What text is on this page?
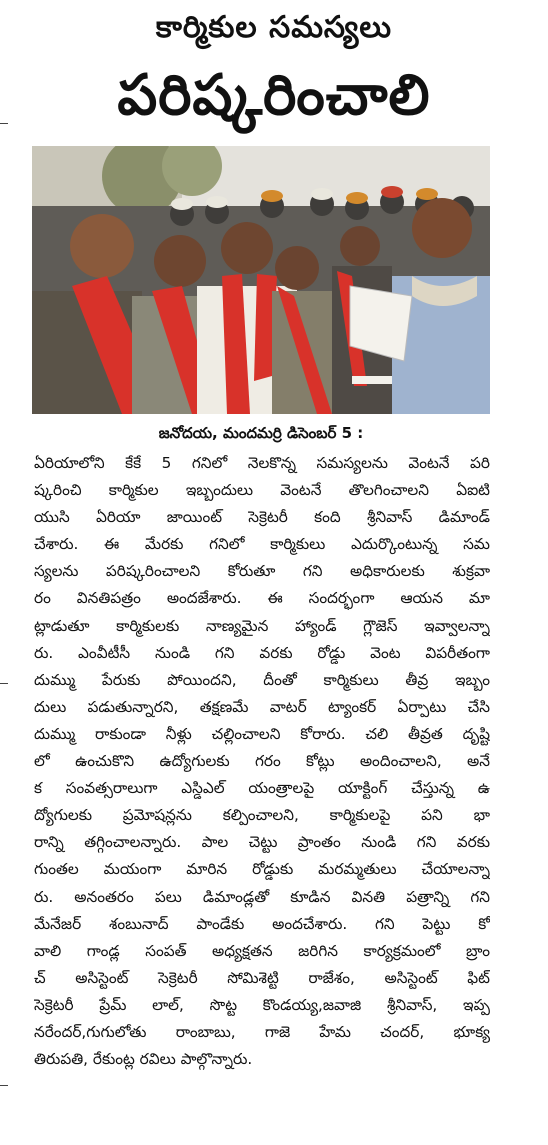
కార్మికుల సమస్యలు
పరిష్కరించాలి
జనోదయ, మందమర్రి డిసెంబర్ 5 :
ఏరియాలోని కేకే 5 గనిలో నెలకొన్న సమస్యలను వెంటనే పరి
ష్కరించి కార్మికుల ఇబ్బందులు వెంటనే తొలగించాలని ఏఐటి
యుసి ఏరియా జాయింట్ సెక్రెటరీ కంది శ్రీనివాస్ డిమాండ్
చేశారు. ఈ మేరకు గనిలో కార్మికులు ఎదుర్కొంటున్న సమ
స్యలను పరిష్కరించాలని కోరుతూ గని అధికారులకు శుక్రవా
రం వినతిపత్రం అందజేశారు. ఈ సందర్భంగా ఆయన మా
ట్లాడుతూ కార్మికులకు నాణ్యమైన హ్యాండ్ గ్లౌజెస్ ఇవ్వాలన్నా
రు. ఎంవీటీసీ నుండి గని వరకు రోడ్డు వెంట విపరీతంగా
దుమ్ము పేరుకు పోయిందని, దీంతో కార్మికులు తీవ్ర ఇబ్బం
దులు పడుతున్నారని, తక్షణమే వాటర్ ట్యాంకర్ ఏర్పాటు చేసి
దుమ్ము రాకుండా నీళ్లు చల్లించాలని కోరారు. చలి తీవ్రత దృష్టి
లో ఉంచుకొని ఉద్యోగులకు గరం కోట్లు అందించాలని, అనే
క సంవత్సరాలుగా ఎస్డిఎల్ యంత్రాలపై యాక్టింగ్ చేస్తున్న ఉ
ద్యోగులకు ప్రమోషన్లను కల్పించాలని, కార్మికులపై పని భా
రాన్ని తగ్గించాలన్నారు. పాల చెట్టు ప్రాంతం నుండి గని వరకు
గుంతల మయంగా మారిన రోడ్డుకు మరమ్మతులు చేయాలన్నా
రు. అనంతరం పలు డిమాండ్లతో కూడిన వినతి పత్రాన్ని గని
మేనేజర్ శంబునాద్ పాండేకు అందచేశారు. గని పెట్టు కో
వాలి గాండ్ల సంపత్ అధ్యక్షతన జరిగిన కార్యక్రమంలో బ్రాం
చ్ అసిస్టెంట్ సెక్రెటరీ సోమిశెట్టి రాజేశం, అసిస్టెంట్ ఫిట్
సెక్రెటరీ ప్రేమ్ లాల్, సొట్ట కొండయ్య,జవాజి శ్రీనివాస్, ఇప్ప
నరేందర్,గుగులోతు రాంబాబు, గాజె హేమ చందర్, భూక్య
తిరుపతి, రేకుంట్ల రవిలు పాల్గొన్నారు.
